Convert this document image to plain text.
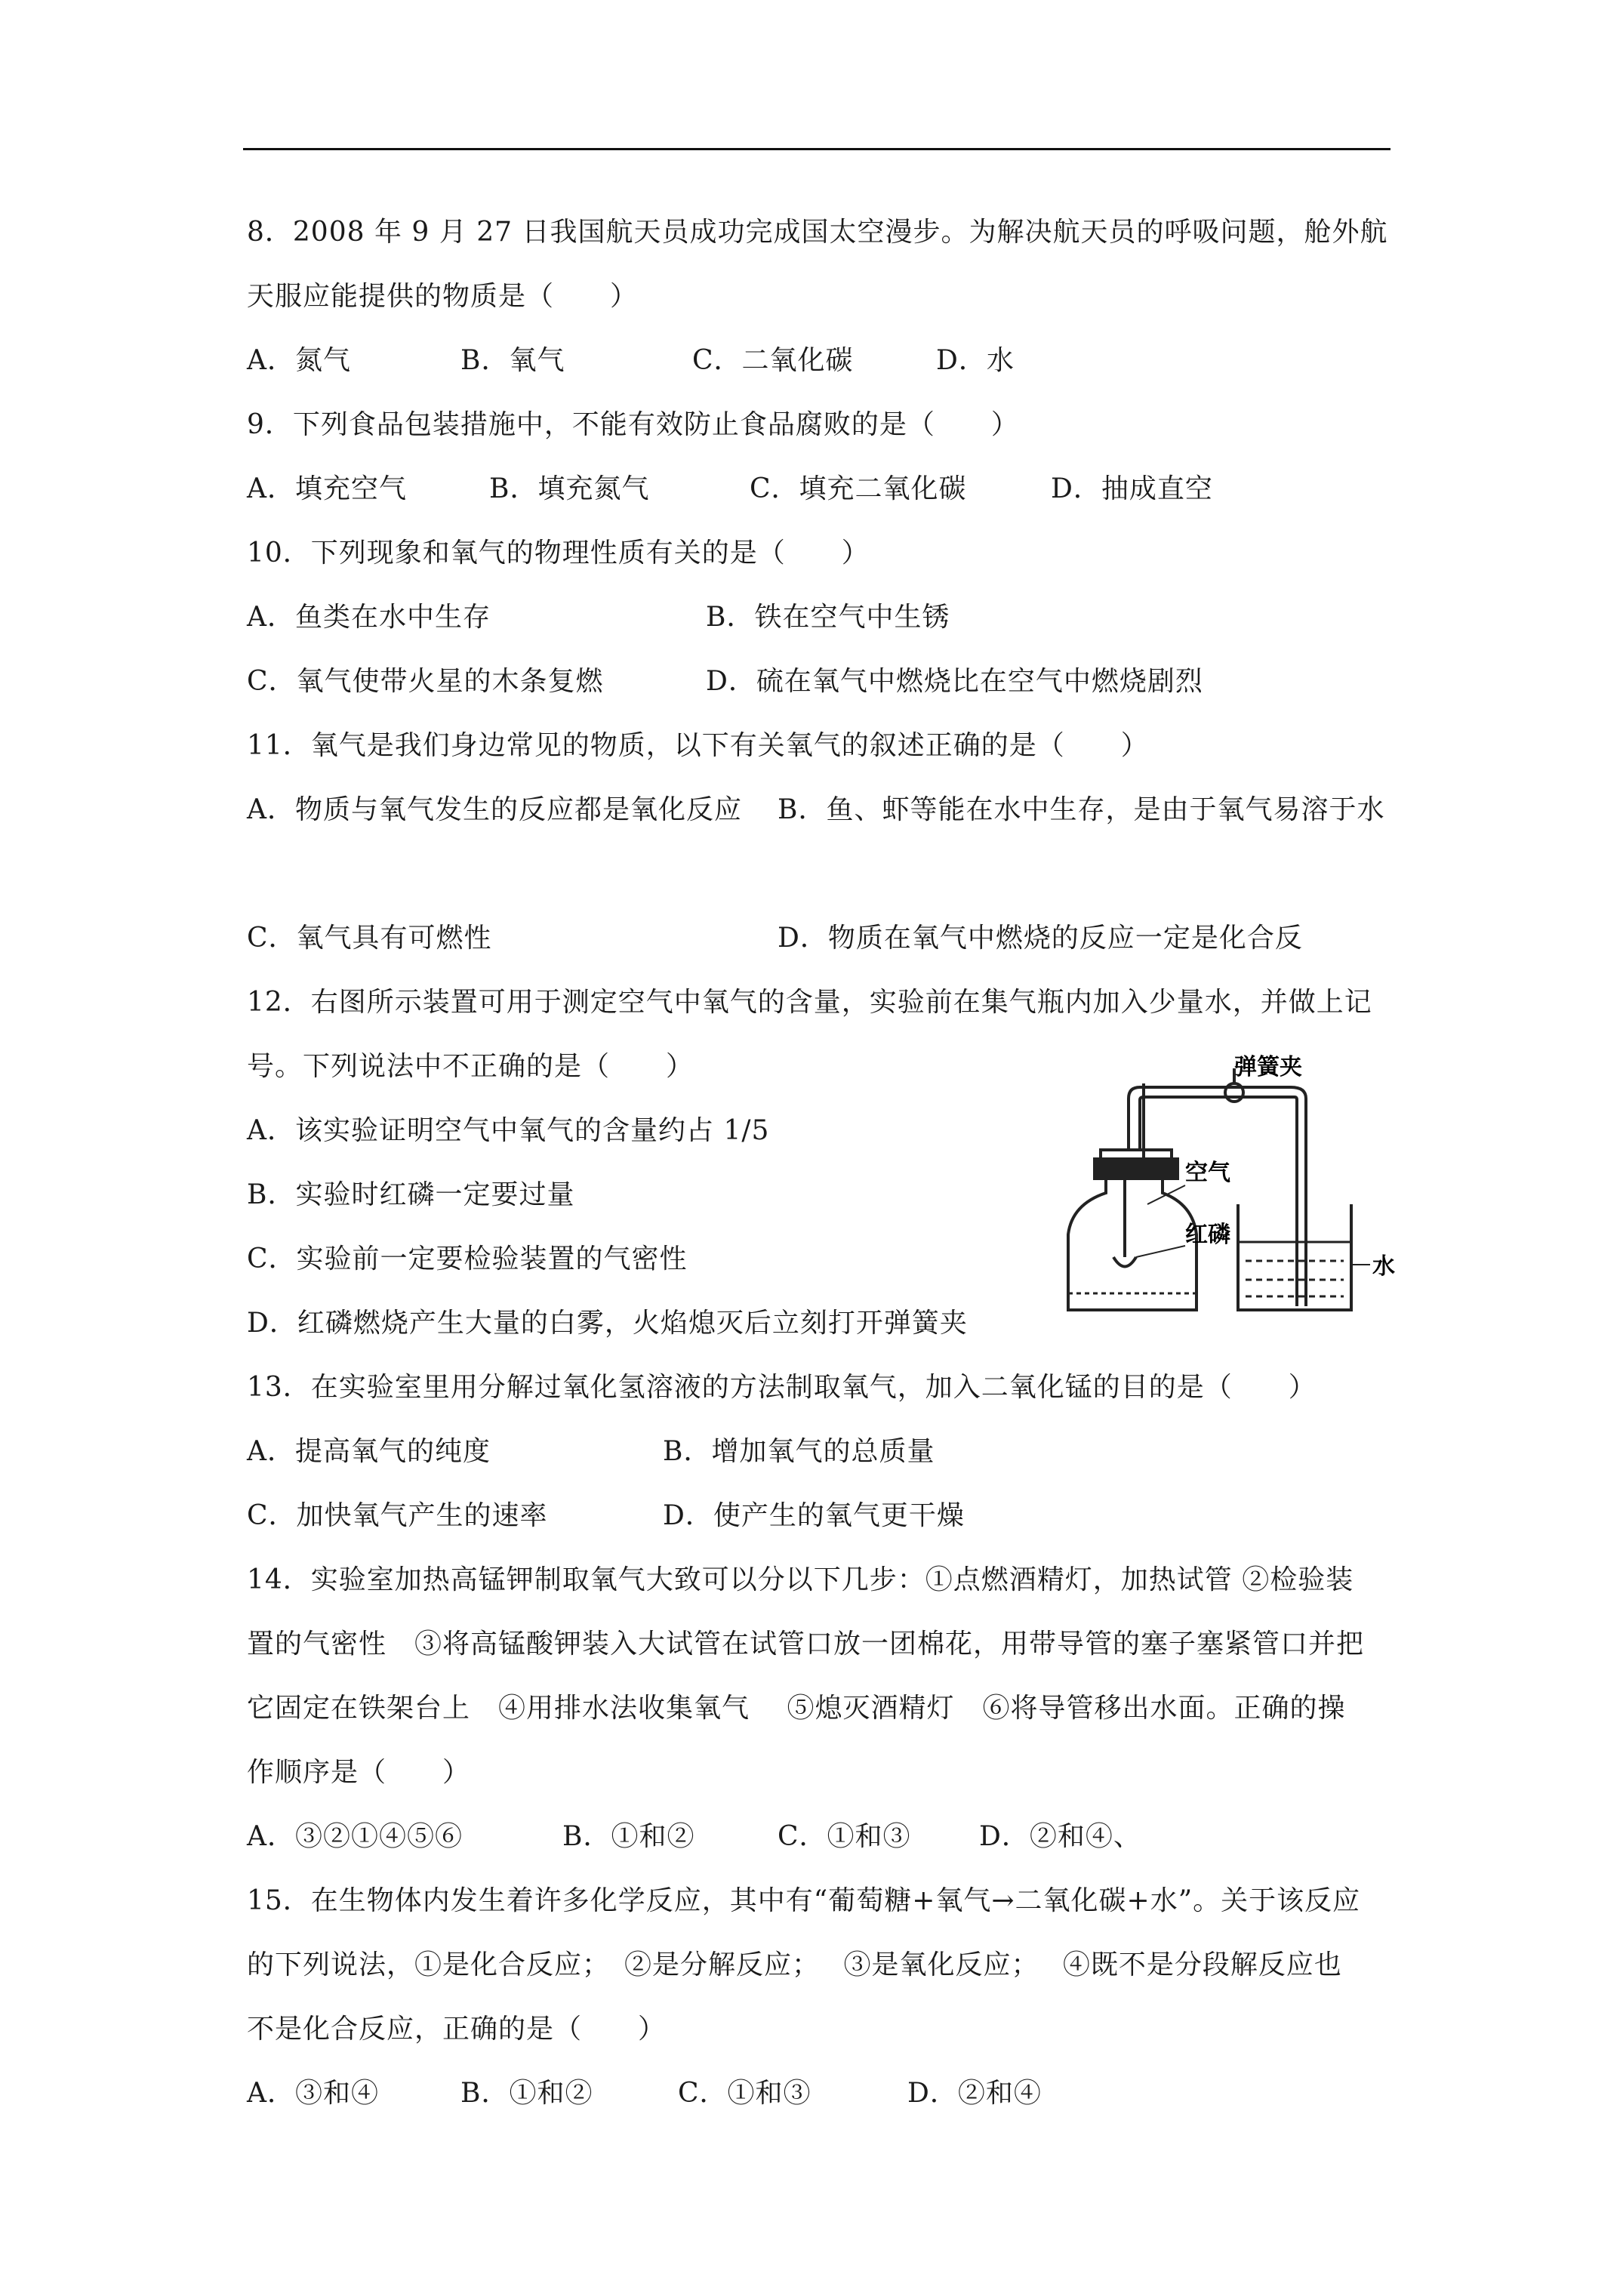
8．2008 年 9 月 27 日我国航天员成功完成国太空漫步。为解决航天员的呼吸问题，舱外航
天服应能提供的物质是（　　）
A．氮气	B．氧气	C．二氧化碳	D．水
9．下列食品包装措施中，不能有效防止食品腐败的是（　　）
A．填充空气	B．填充氮气	C．填充二氧化碳	D．抽成直空
10．下列现象和氧气的物理性质有关的是（　　）
A．鱼类在水中生存	B．铁在空气中生锈
C．氧气使带火星的木条复燃	D．硫在氧气中燃烧比在空气中燃烧剧烈
11．氧气是我们身边常见的物质，以下有关氧气的叙述正确的是（　　）
A．物质与氧气发生的反应都是氧化反应 B．鱼、虾等能在水中生存，是由于氧气易溶于水
C．氧气具有可燃性	D．物质在氧气中燃烧的反应一定是化合反
12．右图所示装置可用于测定空气中氧气的含量，实验前在集气瓶内加入少量水，并做上记
号。下列说法中不正确的是（　　）
A．该实验证明空气中氧气的含量约占 1/5
B．实验时红磷一定要过量
C．实验前一定要检验装置的气密性
D．红磷燃烧产生大量的白雾，火焰熄灭后立刻打开弹簧夹
弹簧夹
空气
红磷
水
13．在实验室里用分解过氧化氢溶液的方法制取氧气，加入二氧化锰的目的是（　　）
A．提高氧气的纯度	B．增加氧气的总质量
C．加快氧气产生的速率	D．使产生的氧气更干燥
14．实验室加热高锰钾制取氧气大致可以分以下几步：①点燃酒精灯，加热试管 ②检验装
置的气密性　③将高锰酸钾装入大试管在试管口放一团棉花，用带导管的塞子塞紧管口并把
它固定在铁架台上　④用排水法收集氧气　 ⑤熄灭酒精灯　⑥将导管移出水面。正确的操
作顺序是（　　）
A．③②①④⑤⑥	B．①和②	C．①和③	D．②和④、
15．在生物体内发生着许多化学反应，其中有“葡萄糖+氧气→二氧化碳+水”。关于该反应
的下列说法，①是化合反应；　②是分解反应；　 ③是氧化反应；　 ④既不是分段解反应也
不是化合反应，正确的是（　　）
A．③和④	B．①和②	C．①和③	D．②和④
